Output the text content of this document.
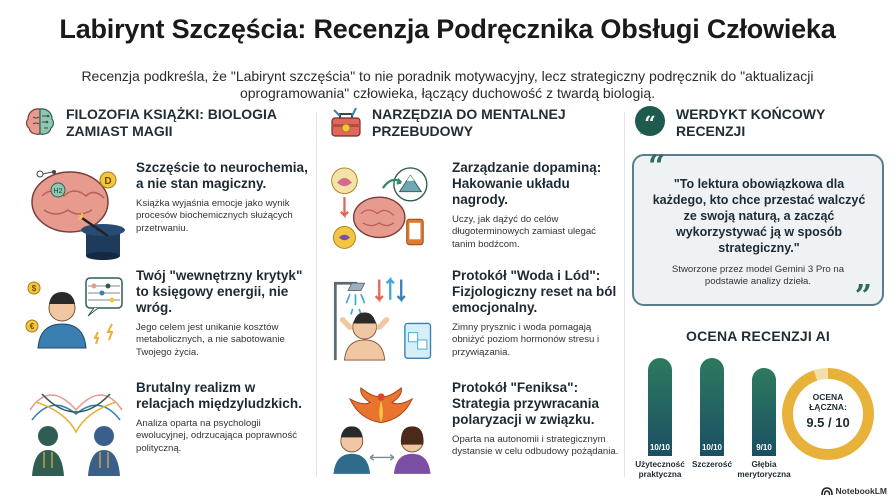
Labirynt Szczęścia: Recenzja Podręcznika Obsługi Człowieka
Recenzja podkreśla, że "Labirynt szczęścia" to nie poradnik motywacyjny, lecz strategiczny podręcznik do "aktualizacji oprogramowania" człowieka, łączący duchowość z twardą biologią.
FILOZOFIA KSIĄŻKI: BIOLOGIA ZAMIAST MAGII
D
H2
Szczęście to neurochemia, a nie stan magiczny.
Książka wyjaśnia emocje jako wynik procesów biochemicznych służących przetrwaniu.
$
€
Twój "wewnętrzny krytyk" to księgowy energii, nie wróg.
Jego celem jest unikanie kosztów metabolicznych, a nie sabotowanie Twojego życia.
Brutalny realizm w relacjach międzyludzkich.
Analiza oparta na psychologii ewolucyjnej, odrzucająca poprawność polityczną.
NARZĘDZIA DO MENTALNEJ PRZEBUDOWY
Zarządzanie dopaminą: Hakowanie układu nagrody.
Uczy, jak dążyć do celów długoterminowych zamiast ulegać tanim bodźcom.
Protokół "Woda i Lód": Fizjologiczny reset na ból emocjonalny.
Zimny prysznic i woda pomagają obniżyć poziom hormonów stresu i przywiązania.
Protokół "Feniksa": Strategia przywracania polaryzacji w związku.
Oparta na autonomii i strategicznym dystansie w celu odbudowy pożądania.
“ WERDYKT KOŃCOWY RECENZJI
“ "To lektura obowiązkowa dla każdego, kto chce przestać walczyć ze swoją naturą, a zacząć wykorzystywać ją w sposób strategiczny."
Stworzone przez model Gemini 3 Pro na podstawie analizy dzieła.	”
OCENA RECENZJI AI
10/10
Użyteczność praktyczna
10/10
Szczerość
9/10
Głębia merytoryczna
OCENA ŁĄCZNA:
9.5 / 10
NotebookLM
